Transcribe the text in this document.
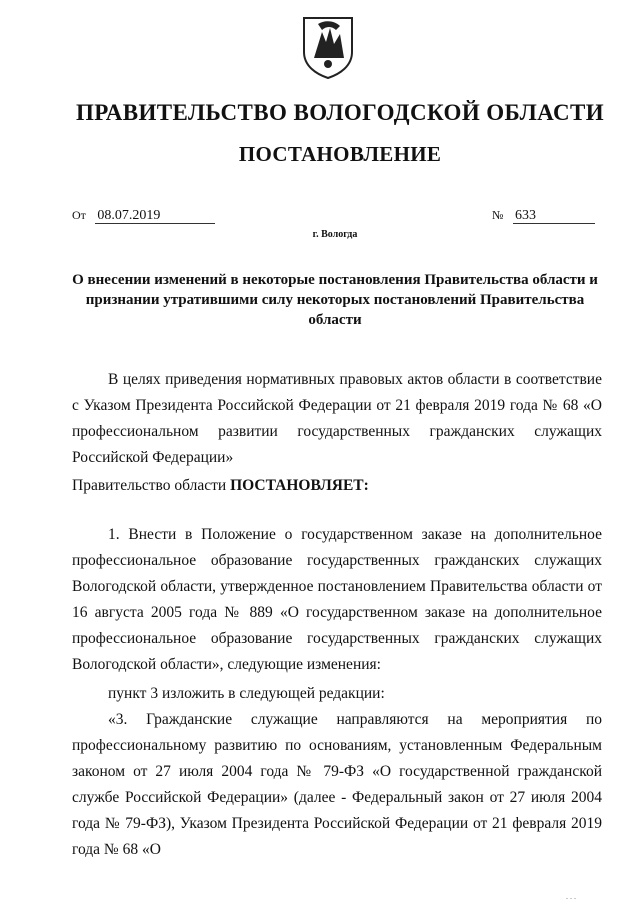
ПРАВИТЕЛЬСТВО ВОЛОГОДСКОЙ ОБЛАСТИ
ПОСТАНОВЛЕНИЕ
От 08.07.2019	№ 633
г. Вологда
О внесении изменений в некоторые постановления Правительства области и признании утратившими силу некоторых постановлений Правительства области
В целях приведения нормативных правовых актов области в соответствие с Указом Президента Российской Федерации от 21 февраля 2019 года № 68 «О профессиональном развитии государственных гражданских служащих Российской Федерации»
Правительство области ПОСТАНОВЛЯЕТ:
1. Внести в Положение о государственном заказе на дополнительное профессиональное образование государственных гражданских служащих Вологодской области, утвержденное постановлением Правительства области от 16 августа 2005 года № 889 «О государственном заказе на дополнительное профессиональное образование государственных гражданских служащих Вологодской области», следующие изменения:
пункт 3 изложить в следующей редакции:
«3. Гражданские служащие направляются на мероприятия по профессиональному развитию по основаниям, установленным Федеральным законом от 27 июля 2004 года № 79-ФЗ «О государственной гражданской службе Российской Федерации» (далее - Федеральный закон от 27 июля 2004 года № 79-ФЗ), Указом Президента Российской Федерации от 21 февраля 2019 года № 68 «О
. . .
